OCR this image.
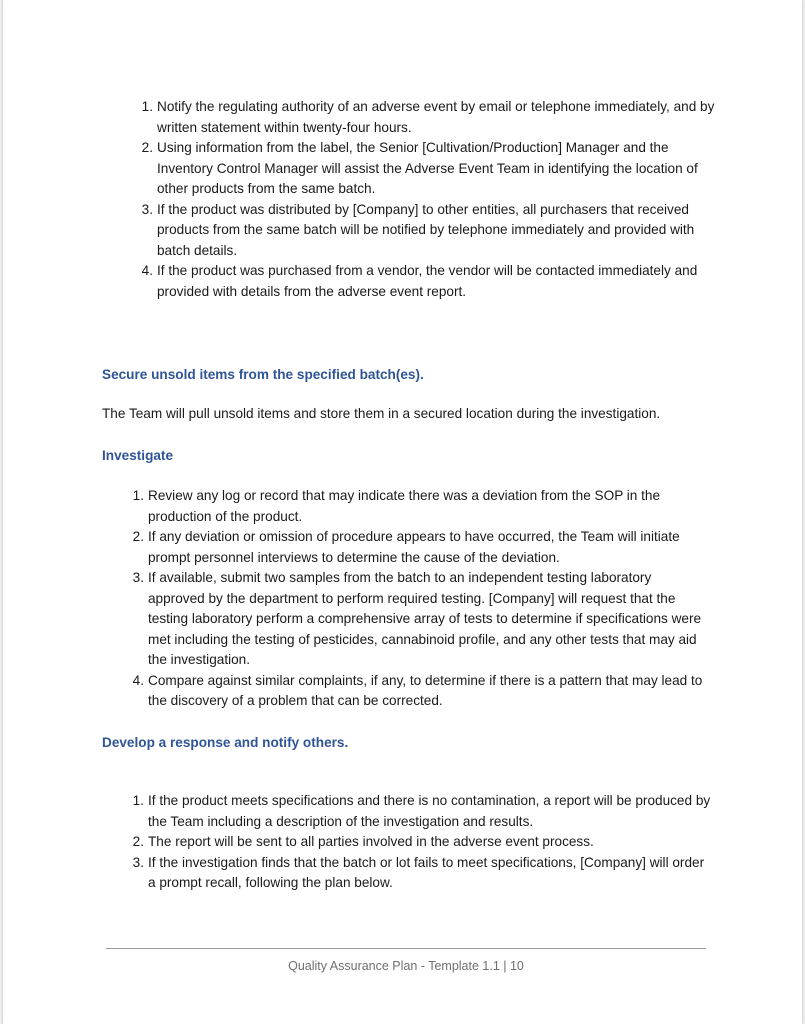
1. Notify the regulating authority of an adverse event by email or telephone immediately, and by written statement within twenty-four hours.
2. Using information from the label, the Senior [Cultivation/Production] Manager and the Inventory Control Manager will assist the Adverse Event Team in identifying the location of other products from the same batch.
3. If the product was distributed by [Company] to other entities, all purchasers that received products from the same batch will be notified by telephone immediately and provided with batch details.
4. If the product was purchased from a vendor, the vendor will be contacted immediately and provided with details from the adverse event report.
Secure unsold items from the specified batch(es).

The Team will pull unsold items and store them in a secured location during the investigation.

Investigate
1. Review any log or record that may indicate there was a deviation from the SOP in the production of the product.
2. If any deviation or omission of procedure appears to have occurred, the Team will initiate prompt personnel interviews to determine the cause of the deviation.
3. If available, submit two samples from the batch to an independent testing laboratory approved by the department to perform required testing. [Company] will request that the testing laboratory perform a comprehensive array of tests to determine if specifications were met including the testing of pesticides, cannabinoid profile, and any other tests that may aid the investigation.
4. Compare against similar complaints, if any, to determine if there is a pattern that may lead to the discovery of a problem that can be corrected.
Develop a response and notify others.
1. If the product meets specifications and there is no contamination, a report will be produced by the Team including a description of the investigation and results.
2. The report will be sent to all parties involved in the adverse event process.
3. If the investigation finds that the batch or lot fails to meet specifications, [Company] will order a prompt recall, following the plan below.
Quality Assurance Plan - Template 1.1 | 10
